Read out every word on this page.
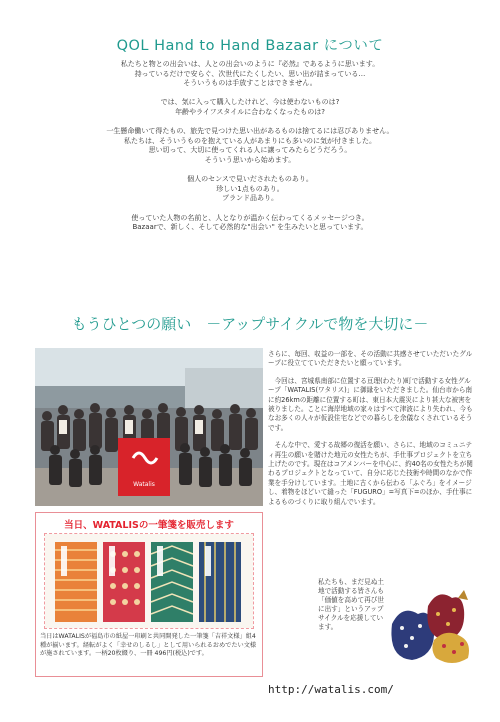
QOL Hand to Hand Bazaar について
私たちと物との出会いは、人との出会いのように『必然』であるように思います。
持っているだけで安らぐ、次世代にたくしたい、思い出が詰まっている…
そういうものは手放すことはできません。
では、気に入って購入したけれど、今は使わないものは?
年齢やライフスタイルに合わなくなったものは?
一生懸命働いて得たもの、旅先で見つけた思い出があるものは捨てるには忍びありません。
私たちは、そういうものを抱えている人があまりにも多いのに気が付きました。
思い切って、大切に使ってくれる人に譲ってみたらどうだろう。
そういう思いから始めます。
個人のセンスで見いだされたものあり。
珍しい1点ものあり。
ブランド品あり。
使っていた人物の名前と、人となりが温かく伝わってくるメッセージつき。
Bazaarで、新しく、そして必然的な"出会い" を生みたいと思っています。
もうひとつの願い　－アップサイクルで物を大切に－
Watalis

さらに、毎回、収益の一部を、その活動に共感させていただいたグループに役立てていただきたいと願っています。

　今回は、宮城県南部に位置する亘理(わたり)町で活動する女性グループ「WATALIS(ワタリス)」に御縁をいただきました。仙台市から南に約26kmの距離に位置する町は、東日本大震災により甚大な被害を被りました。ことに海岸地域の家々はすべて津波により失われ、今もなお多くの人々が仮設住宅などでの暮らしを余儀なくされているそうです。

　そんな中で、愛する故郷の復活を願い、さらに、地域のコミュニティ再生の願いを賭けた地元の女性たちが、手仕事プロジェクトを立ち上げたのです。現在はコアメンバーを中心に、約40名の女性たちが関わるプロジェクトとなっていて、自分に応じた技術や時間のなかで作業を手分けしています。土地に古くから伝わる「ふぐろ」をイメージし、着物をほどいて縫った「FUGURO」=写真下=のほか、手仕事によるものづくりに取り組んでいます。

当日、WATALISの一筆箋を販売します
当日はWATALISが福島市の紙屋一印刷と共同開発した一筆箋「吉祥文様」組4種が揃います。経転がよく「幸せのしるし」として用いられるおめでたい文様が施されています。一柄20枚綴り、一冊 496円(税込)です。
私たちも、まだ見ぬ土地で活動する皆さんも「価値を高めて再び世に出す」というアップサイクルを応援しています。
http://watalis.com/
